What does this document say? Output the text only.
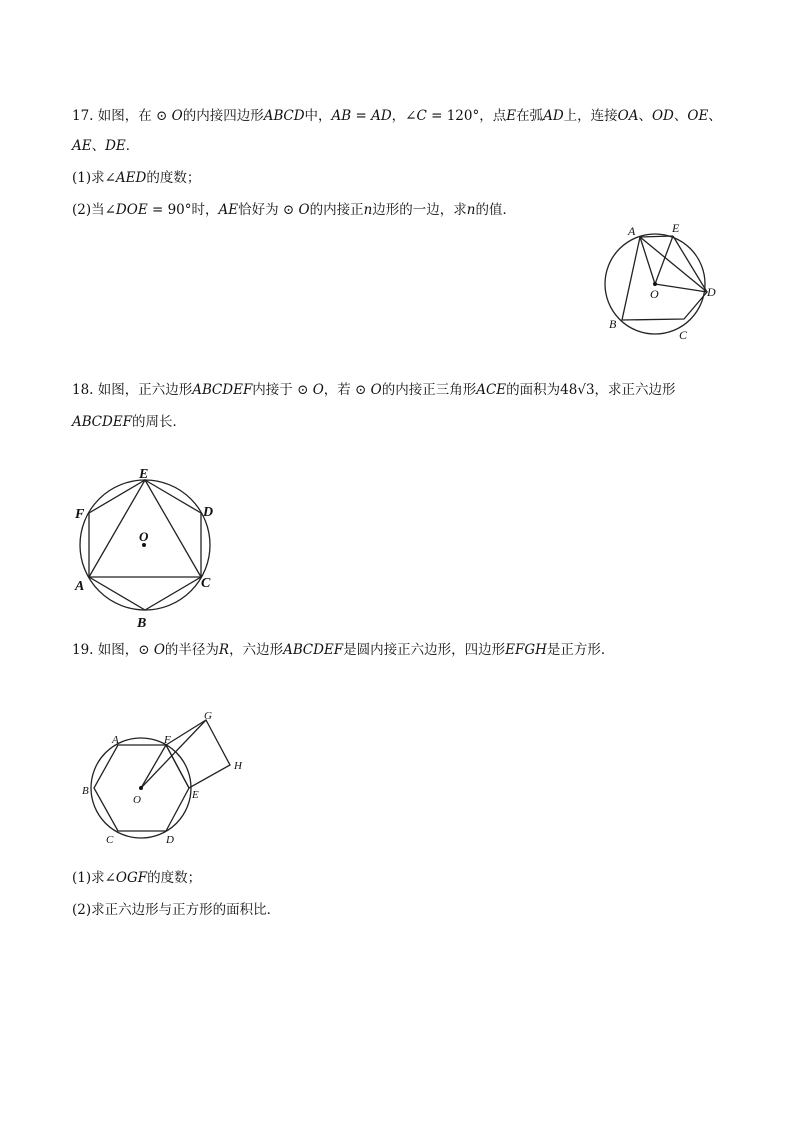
17. 如图，在 ⊙ 𝑂的内接四边形𝐴𝐵𝐶𝐷中，𝐴𝐵 = 𝐴𝐷，∠𝐶 = 120°，点𝐸在弧𝐴𝐷上，连接𝑂𝐴、𝑂𝐷、𝑂𝐸、
𝐴𝐸、𝐷𝐸．
(1)求∠𝐴𝐸𝐷的度数；
(2)当∠𝐷𝑂𝐸 = 90°时，𝐴𝐸恰好为 ⊙ 𝑂的内接正𝑛边形的一边，求𝑛的值．
A	E
O	D
B
C
18. 如图，正六边形𝐴𝐵𝐶𝐷𝐸𝐹内接于 ⊙ 𝑂，若 ⊙ 𝑂的内接正三角形𝐴𝐶𝐸的面积为48√3，求正六边形
𝐴𝐵𝐶𝐷𝐸𝐹的周长．
E
F	D
O
A	C
B
19. 如图，⊙ 𝑂的半径为𝑅，六边形𝐴𝐵𝐶𝐷𝐸𝐹是圆内接正六边形，四边形𝐸𝐹𝐺𝐻是正方形．
G
A	F
H
B
O	E
C	D
(1)求∠𝑂𝐺𝐹的度数；
(2)求正六边形与正方形的面积比．
